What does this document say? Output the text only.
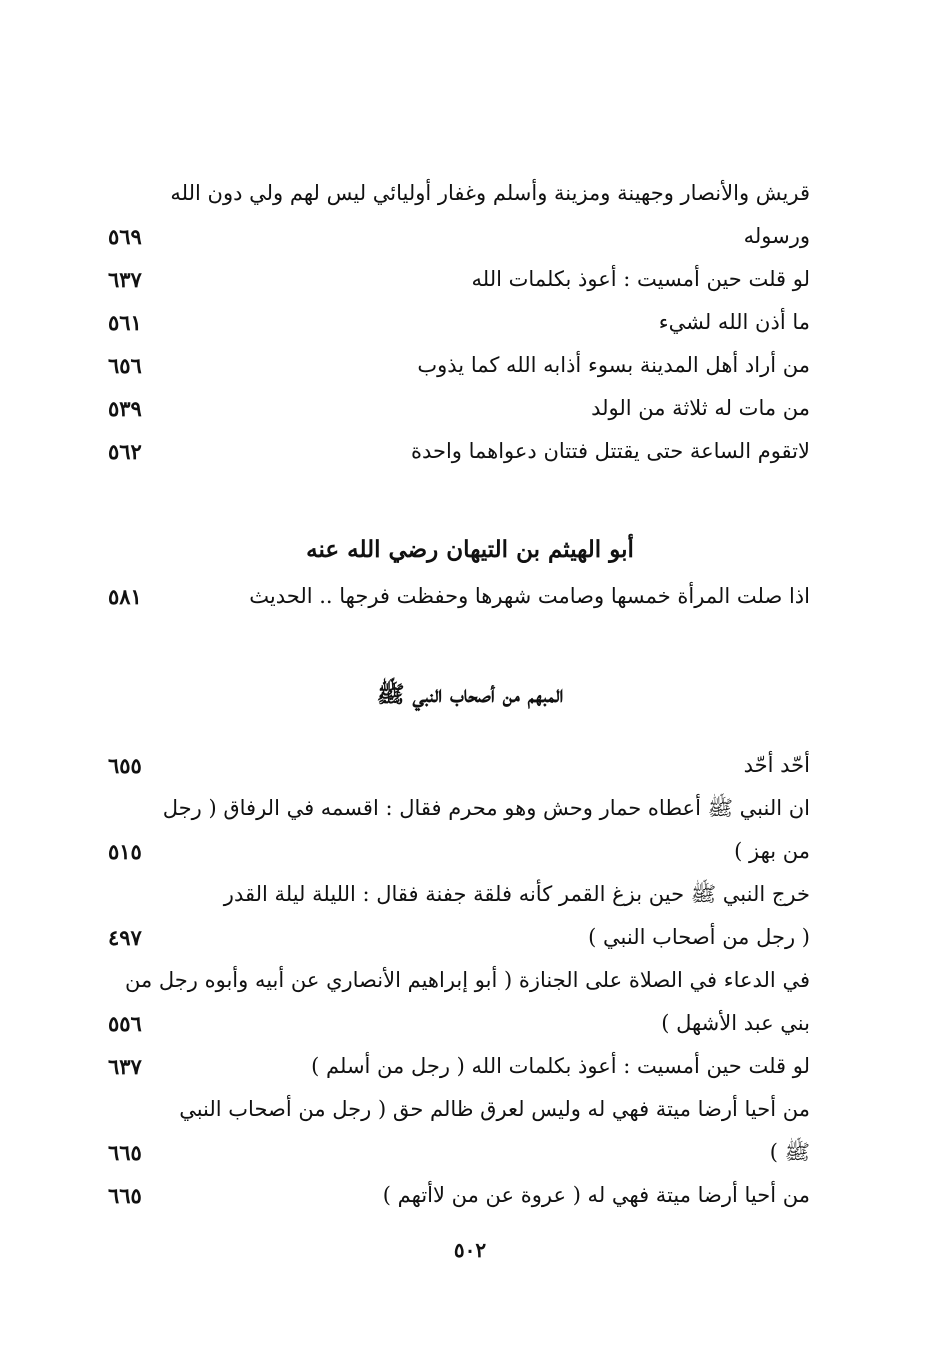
قريش والأنصار وجهينة ومزينة وأسلم وغفار أوليائي ليس لهم ولي دون الله
ورسوله
٥٦٩
لو قلت حين أمسيت : أعوذ بكلمات الله
٦٣٧
ما أذن الله لشيء
٥٦١
من أراد أهل المدينة بسوء أذابه الله كما يذوب
٦٥٦
من مات له ثلاثة من الولد
٥٣٩
لاتقوم الساعة حتى يقتتل فتتان دعواهما واحدة
٥٦٢
أبو الهيثم بن التيهان رضي الله عنه
اذا صلت المرأة خمسها وصامت شهرها وحفظت فرجها .. الحديث
٥٨١
المبهم من أصحاب النبي ﷺ
أحّد أحّد
٦٥٥
ان النبي ﷺ أعطاه حمار وحش وهو محرم فقال : اقسمه في الرفاق ( رجل
من بهز )
٥١٥
خرج النبي ﷺ حين بزغ القمر كأنه فلقة جفنة فقال : الليلة ليلة القدر
( رجل من أصحاب النبي )
٤٩٧
في الدعاء في الصلاة على الجنازة ( أبو إبراهيم الأنصاري عن أبيه وأبوه رجل من
بني عبد الأشهل )
٥٥٦
لو قلت حين أمسيت : أعوذ بكلمات الله ( رجل من أسلم )
٦٣٧
من أحيا أرضا ميتة فهي له وليس لعرق ظالم حق ( رجل من أصحاب النبي
ﷺ )
٦٦٥
من أحيا أرضا ميتة فهي له ( عروة عن من لاأتهم )
٦٦٥
٥٠٢
